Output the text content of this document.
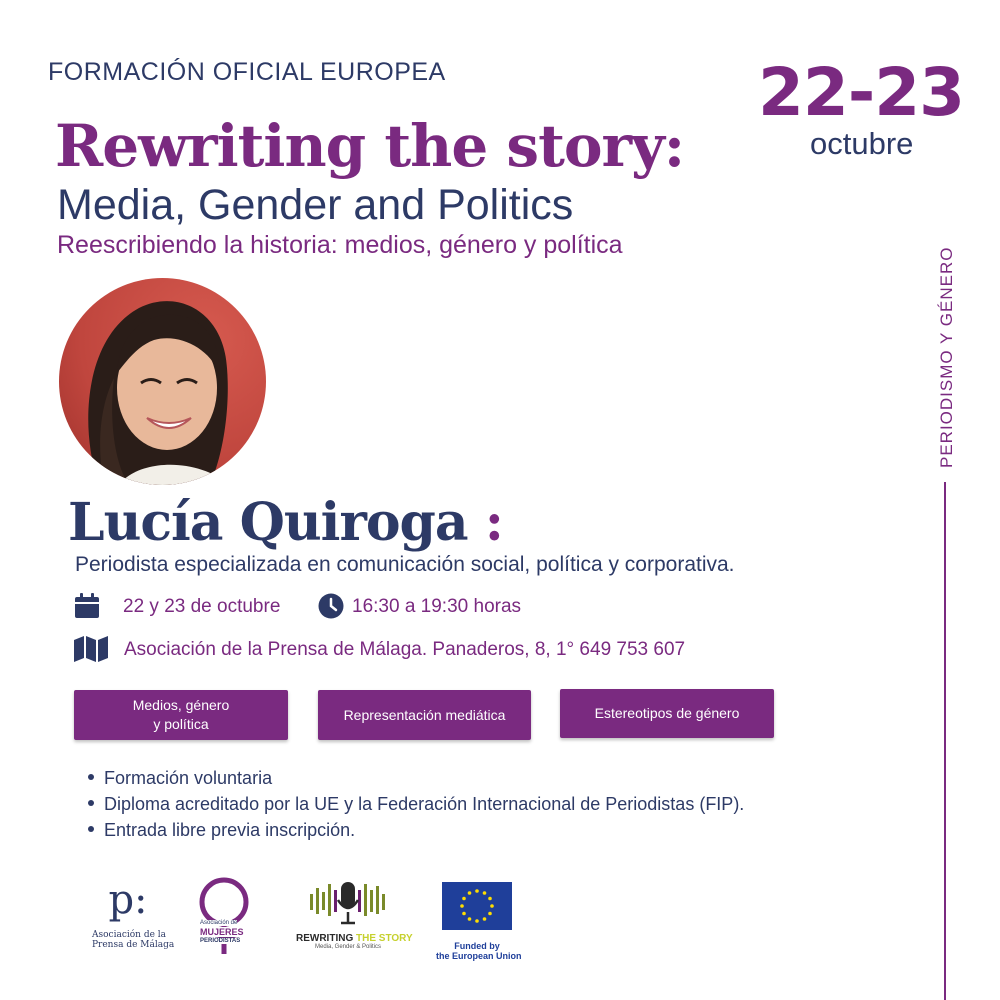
FORMACIÓN OFICIAL EUROPEA	22-23
octubre
Rewriting the story:
Media, Gender and Politics
Reescribiendo la historia: medios, género y política
PERIODISMO Y GÉNERO
Lucía Quiroga :
Periodista especializada en comunicación social, política y corporativa.
22 y 23 de octubre	16:30 a 19:30 horas
Asociación de la Prensa de Málaga. Panaderos, 8, 1° 649 753 607
Medios, género
y política
Representación mediática	Estereotipos de género
Formación voluntaria
Diploma acreditado por la UE y la Federación Internacional de Periodistas (FIP).
Entrada libre previa inscripción.
p:
Asociación de la
Prensa de Málaga
Asociación de
MUJERES
PERIODISTAS	REWRITING THE STORY
Media, Gender & Politics	Funded by
the European Union
